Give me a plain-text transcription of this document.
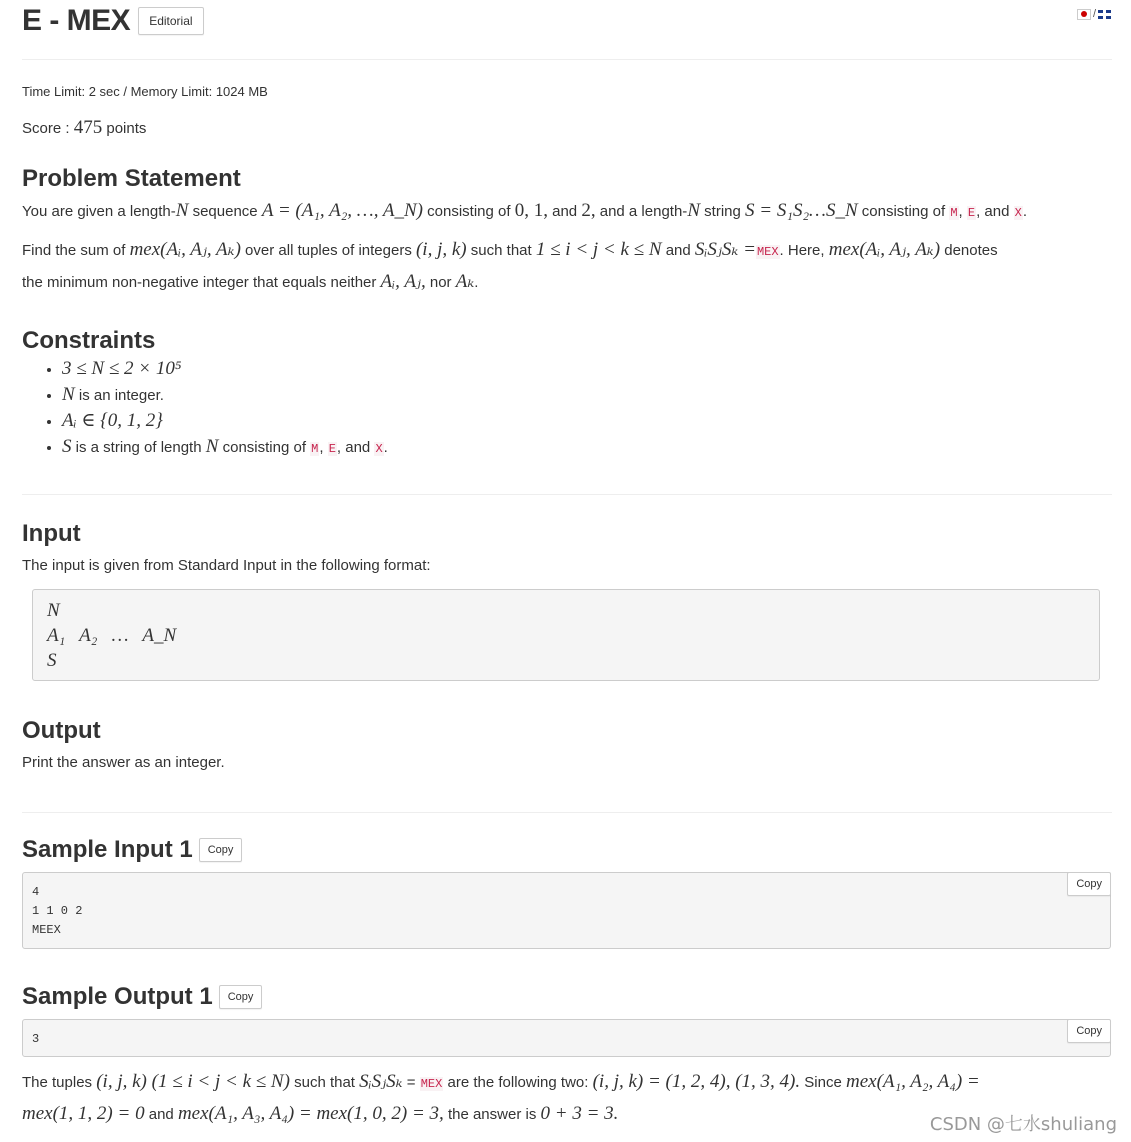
E - MEX	Editorial	/
Time Limit: 2 sec / Memory Limit: 1024 MB
Score : 475 points
Problem Statement
You are given a length-N sequence A = (A₁, A₂, …, A_N) consisting of 0, 1, and 2, and a length-N string S = S₁S₂…S_N consisting of M, E, and X.
Find the sum of mex(Aᵢ, Aⱼ, Aₖ) over all tuples of integers (i, j, k) such that 1 ≤ i < j < k ≤ N and SᵢSⱼSₖ =MEX. Here, mex(Aᵢ, Aⱼ, Aₖ) denotes
the minimum non-negative integer that equals neither Aᵢ, Aⱼ, nor Aₖ.
Constraints
• 3 ≤ N ≤ 2 × 10⁵
• N is an integer.
• Aᵢ ∈ {0, 1, 2}
• S is a string of length N consisting of M, E, and X.
Input
The input is given from Standard Input in the following format:
N
A₁   A₂   …   A_N
S
Output
Print the answer as an integer.
Sample Input 1	Copy
Copy
4
1 1 0 2
MEEX
Sample Output 1	Copy
Copy
3
The tuples (i, j, k) (1 ≤ i < j < k ≤ N) such that SᵢSⱼSₖ = MEX are the following two: (i, j, k) = (1, 2, 4), (1, 3, 4). Since mex(A₁, A₂, A₄) =
mex(1, 1, 2) = 0 and mex(A₁, A₃, A₄) = mex(1, 0, 2) = 3, the answer is 0 + 3 = 3.
CSDN @七水shuliang
